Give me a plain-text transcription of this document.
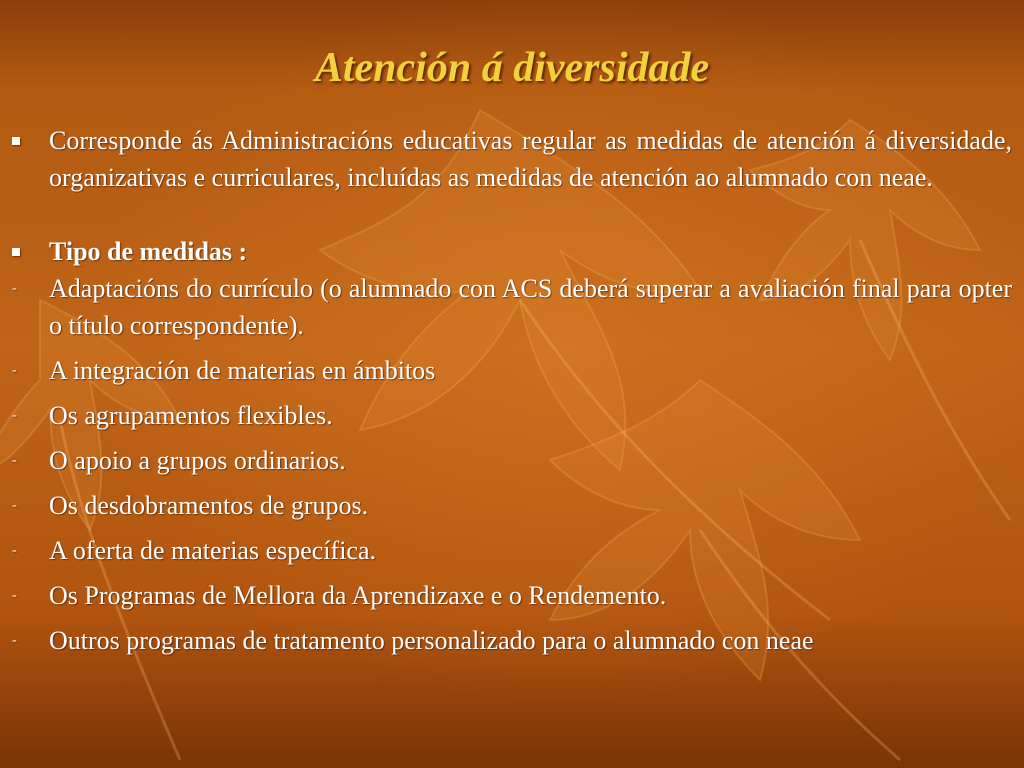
Atención á diversidade
Corresponde ás Administracións educativas regular as medidas de atención á diversidade, organizativas e curriculares, incluídas as medidas de atención ao alumnado con neae.
Tipo de medidas :
- Adaptacións do currículo (o alumnado con ACS deberá superar a avaliación final para opter o título correspondente).
- A integración de materias en ámbitos
- Os agrupamentos flexibles.
- O apoio a grupos ordinarios.
- Os desdobramentos de grupos.
- A oferta de materias específica.
- Os Programas de Mellora da Aprendizaxe e o Rendemento.
- Outros programas de tratamento personalizado para o alumnado con neae
